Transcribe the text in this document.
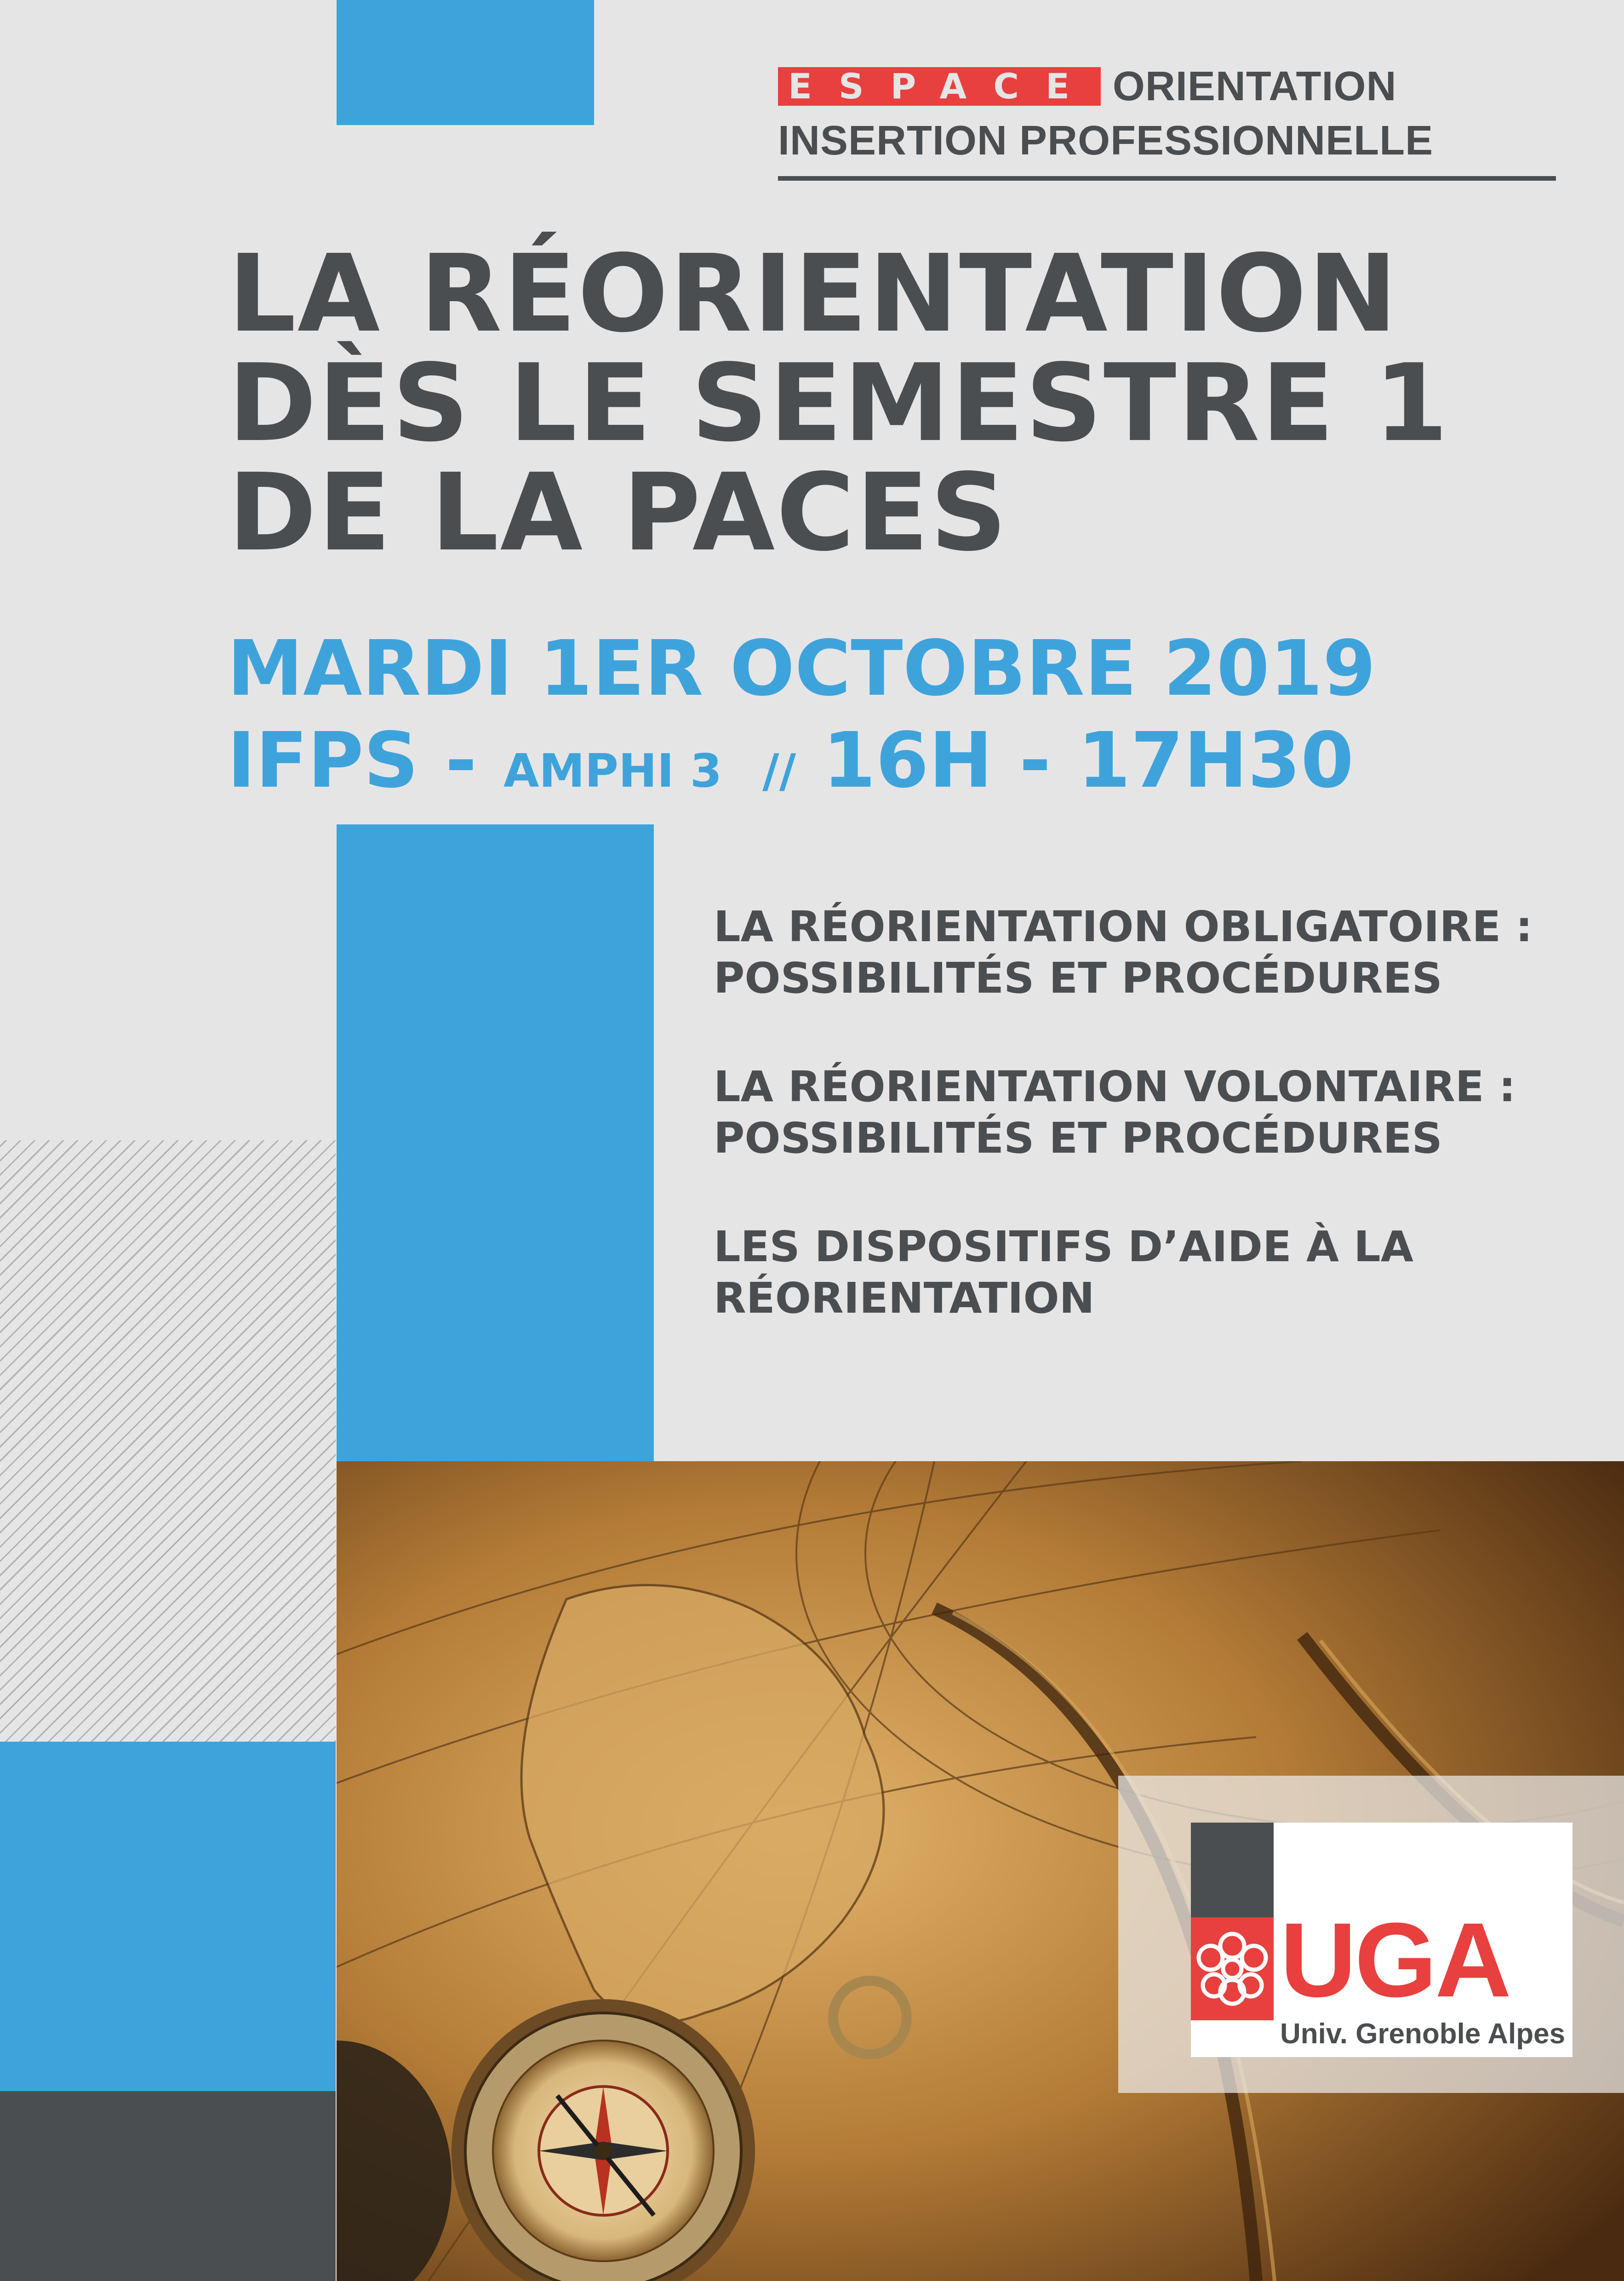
ESPACE ORIENTATION
INSERTION PROFESSIONNELLE
LA RÉORIENTATION
DÈS LE SEMESTRE 1
DE LA PACES
MARDI 1ER OCTOBRE 2019
IFPS - AMPHI 3 // 16H - 17H30
LA RÉORIENTATION OBLIGATOIRE :
POSSIBILITÉS ET PROCÉDURES
LA RÉORIENTATION VOLONTAIRE :
POSSIBILITÉS ET PROCÉDURES
LES DISPOSITIFS D’AIDE À LA
RÉORIENTATION
UGA
Univ. Grenoble Alpes
